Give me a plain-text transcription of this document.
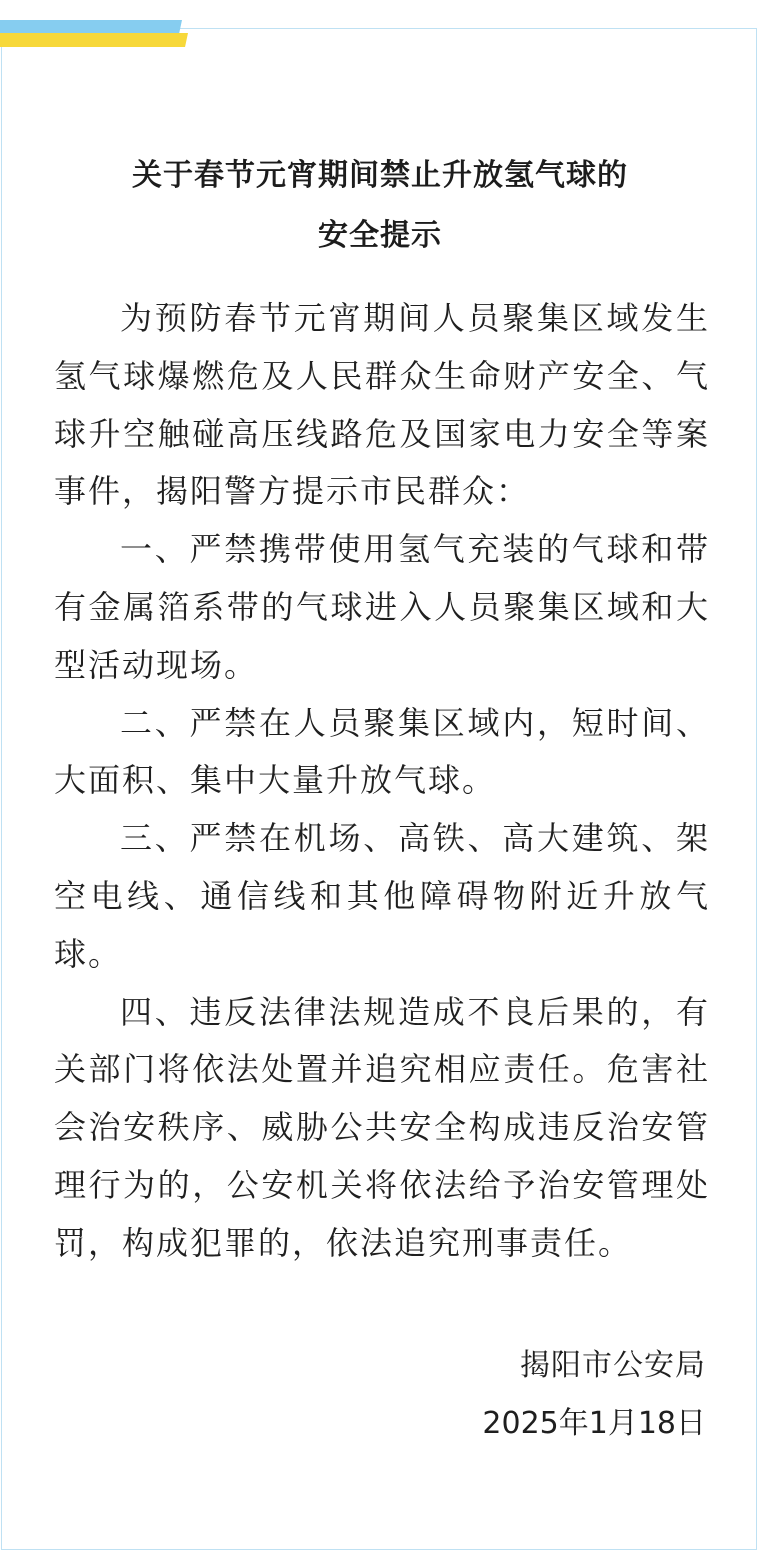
关于春节元宵期间禁止升放氢气球的
安全提示

为预防春节元宵期间人员聚集区域发生氢气球爆燃危及人民群众生命财产安全、气球升空触碰高压线路危及国家电力安全等案事件，揭阳警方提示市民群众：

一、严禁携带使用氢气充装的气球和带有金属箔系带的气球进入人员聚集区域和大型活动现场。

二、严禁在人员聚集区域内，短时间、大面积、集中大量升放气球。

三、严禁在机场、高铁、高大建筑、架空电线、通信线和其他障碍物附近升放气球。

四、违反法律法规造成不良后果的，有关部门将依法处置并追究相应责任。危害社会治安秩序、威胁公共安全构成违反治安管理行为的，公安机关将依法给予治安管理处罚，构成犯罪的，依法追究刑事责任。

揭阳市公安局

2025年1月18日
